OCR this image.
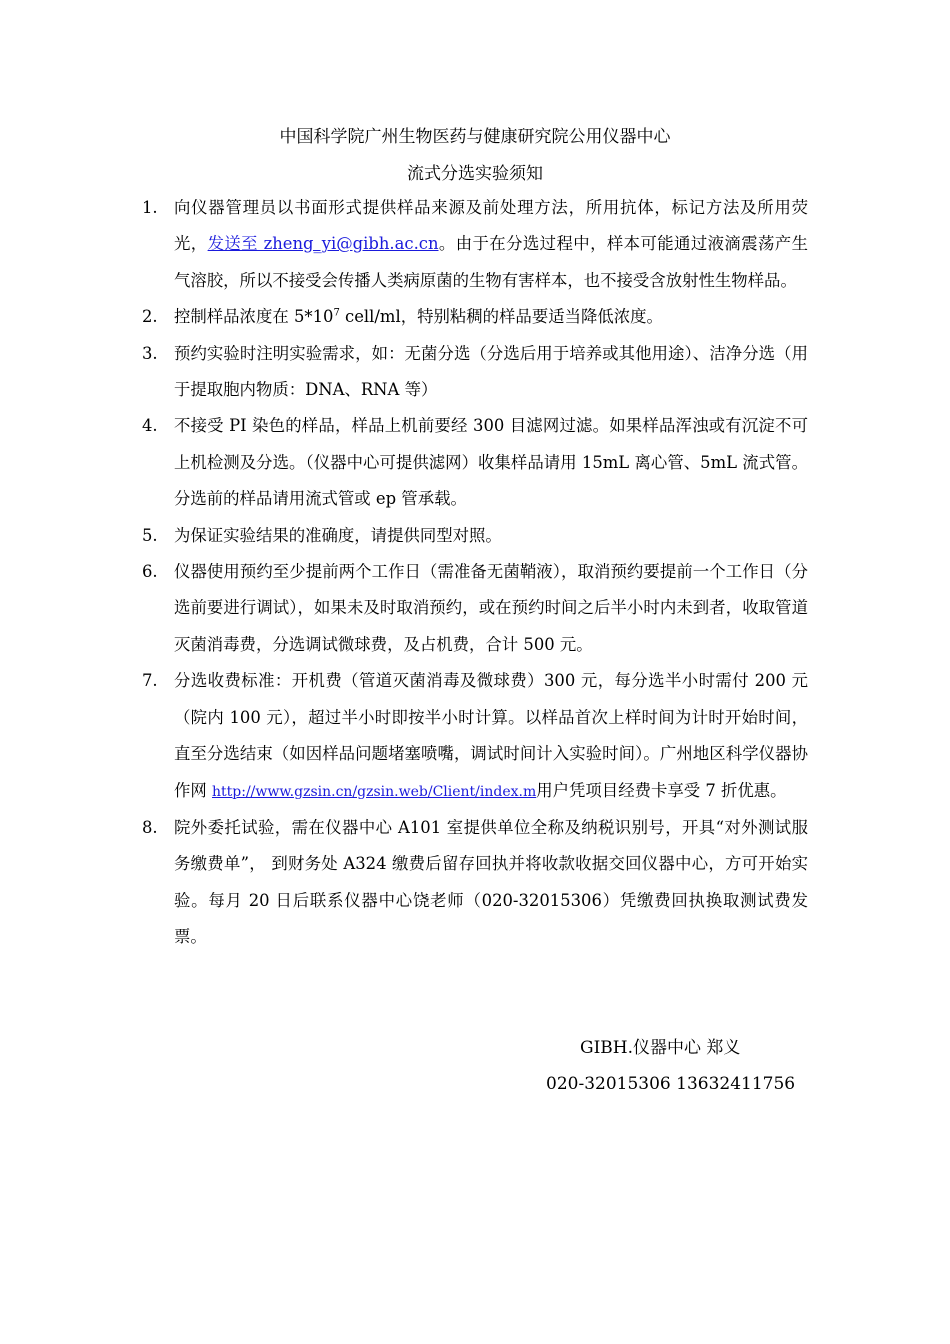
中国科学院广州生物医药与健康研究院公用仪器中心
流式分选实验须知
1. 向仪器管理员以书面形式提供样品来源及前处理方法，所用抗体，标记方法及所用荧光，发送至 zheng_yi@gibh.ac.cn。由于在分选过程中，样本可能通过液滴震荡产生气溶胶，所以不接受会传播人类病原菌的生物有害样本，也不接受含放射性生物样品。
2. 控制样品浓度在 $5*10^7$ cell/ml，特别粘稠的样品要适当降低浓度。
3. 预约实验时注明实验需求，如：无菌分选（分选后用于培养或其他用途）、洁净分选（用于提取胞内物质：DNA、RNA 等）
4. 不接受 PI 染色的样品，样品上机前要经 300 目滤网过滤。如果样品浑浊或有沉淀不可上机检测及分选。（仪器中心可提供滤网）收集样品请用 15mL 离心管、5mL 流式管。分选前的样品请用流式管或 ep 管承载。
5. 为保证实验结果的准确度，请提供同型对照。
6. 仪器使用预约至少提前两个工作日（需准备无菌鞘液），取消预约要提前一个工作日（分选前要进行调试），如果未及时取消预约，或在预约时间之后半小时内未到者，收取管道灭菌消毒费，分选调试微球费，及占机费，合计 500 元。
7. 分选收费标准：开机费（管道灭菌消毒及微球费）300 元，每分选半小时需付 200 元（院内 100 元），超过半小时即按半小时计算。以样品首次上样时间为计时开始时间，直至分选结束（如因样品问题堵塞喷嘴，调试时间计入实验时间）。广州地区科学仪器协作网 http://www.gzsin.cn/gzsin.web/Client/index.m用户凭项目经费卡享受 7 折优惠。
8. 院外委托试验，需在仪器中心 A101 室提供单位全称及纳税识别号，开具“对外测试服务缴费单”， 到财务处 A324 缴费后留存回执并将收款收据交回仪器中心，方可开始实验。每月 20 日后联系仪器中心饶老师（020-32015306）凭缴费回执换取测试费发票。
GIBH.仪器中心 郑义
020-32015306 13632411756
